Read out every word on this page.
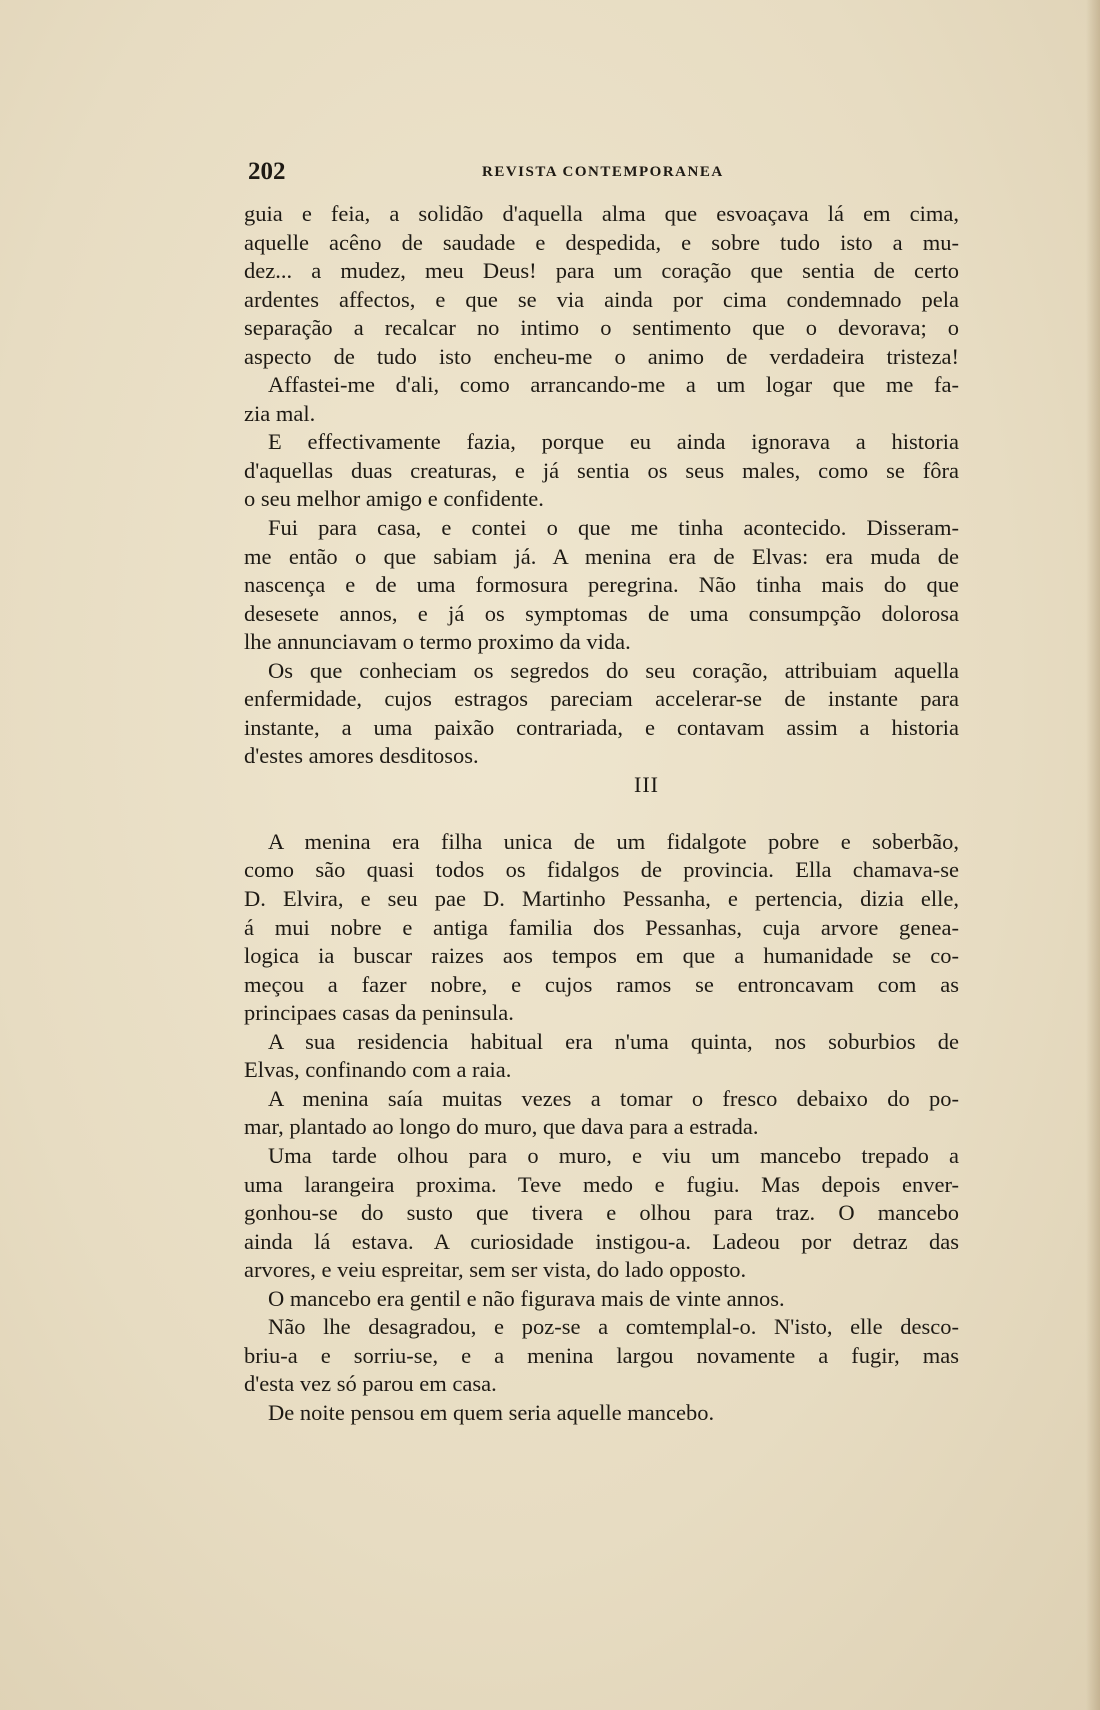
202	REVISTA CONTEMPORANEA
guia e feia, a solidão d'aquella alma que esvoaçava lá em cima,
aquelle acêno de saudade e despedida, e sobre tudo isto a mu-
dez... a mudez, meu Deus! para um coração que sentia de certo
ardentes affectos, e que se via ainda por cima condemnado pela
separação a recalcar no intimo o sentimento que o devorava; o
aspecto de tudo isto encheu-me o animo de verdadeira tristeza!
Affastei-me d'ali, como arrancando-me a um logar que me fa-
zia mal.
E effectivamente fazia, porque eu ainda ignorava a historia
d'aquellas duas creaturas, e já sentia os seus males, como se fôra
o seu melhor amigo e confidente.
Fui para casa, e contei o que me tinha acontecido. Disseram-
me então o que sabiam já. A menina era de Elvas: era muda de
nascença e de uma formosura peregrina. Não tinha mais do que
desesete annos, e já os symptomas de uma consumpção dolorosa
lhe annunciavam o termo proximo da vida.
Os que conheciam os segredos do seu coração, attribuiam aquella
enfermidade, cujos estragos pareciam accelerar-se de instante para
instante, a uma paixão contrariada, e contavam assim a historia
d'estes amores desditosos.
III
A menina era filha unica de um fidalgote pobre e soberbão,
como são quasi todos os fidalgos de provincia. Ella chamava-se
D. Elvira, e seu pae D. Martinho Pessanha, e pertencia, dizia elle,
á mui nobre e antiga familia dos Pessanhas, cuja arvore genea-
logica ia buscar raizes aos tempos em que a humanidade se co-
meçou a fazer nobre, e cujos ramos se entroncavam com as
principaes casas da peninsula.
A sua residencia habitual era n'uma quinta, nos soburbios de
Elvas, confinando com a raia.
A menina saía muitas vezes a tomar o fresco debaixo do po-
mar, plantado ao longo do muro, que dava para a estrada.
Uma tarde olhou para o muro, e viu um mancebo trepado a
uma larangeira proxima. Teve medo e fugiu. Mas depois enver-
gonhou-se do susto que tivera e olhou para traz. O mancebo
ainda lá estava. A curiosidade instigou-a. Ladeou por detraz das
arvores, e veiu espreitar, sem ser vista, do lado opposto.
O mancebo era gentil e não figurava mais de vinte annos.
Não lhe desagradou, e poz-se a comtemplal-o. N'isto, elle desco-
briu-a e sorriu-se, e a menina largou novamente a fugir, mas
d'esta vez só parou em casa.
De noite pensou em quem seria aquelle mancebo.
